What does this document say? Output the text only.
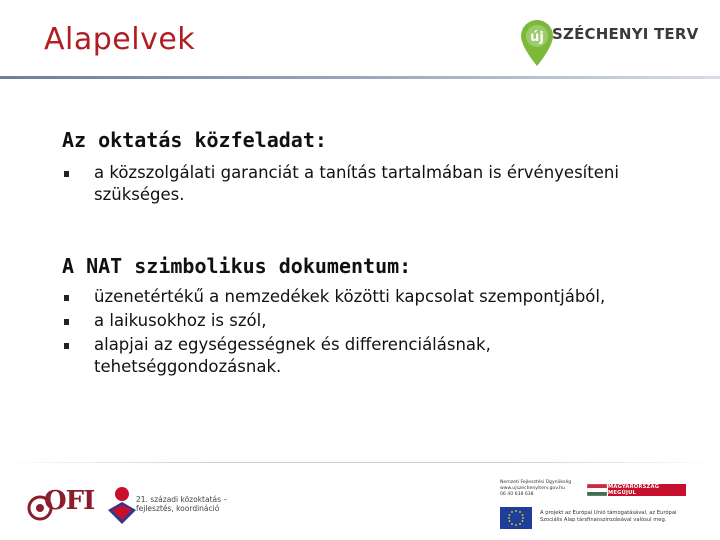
Alapelvek	új SZÉCHENYI TERV
Az oktatás közfeladat:
a közszolgálati garanciát a tanítás tartalmában is érvényesíteni szükséges.
A NAT szimbolikus dokumentum:
üzenetértékű a nemzedékek közötti kapcsolat szempontjából,
a laikusokhoz is szól,
alapjai az egységességnek és differenciálásnak, tehetséggondozásnak.
OFI	21. századi közoktatás – fejlesztés, koordináció
Nemzeti Fejlesztési Ügynökség
www.ujszechenyiterv.gov.hu
06 40 638 638
MAGYARORSZÁG MEGÚJUL
A projekt az Európai Unió támogatásával, az Európai Szociális Alap társfinanszírozásával valósul meg.
